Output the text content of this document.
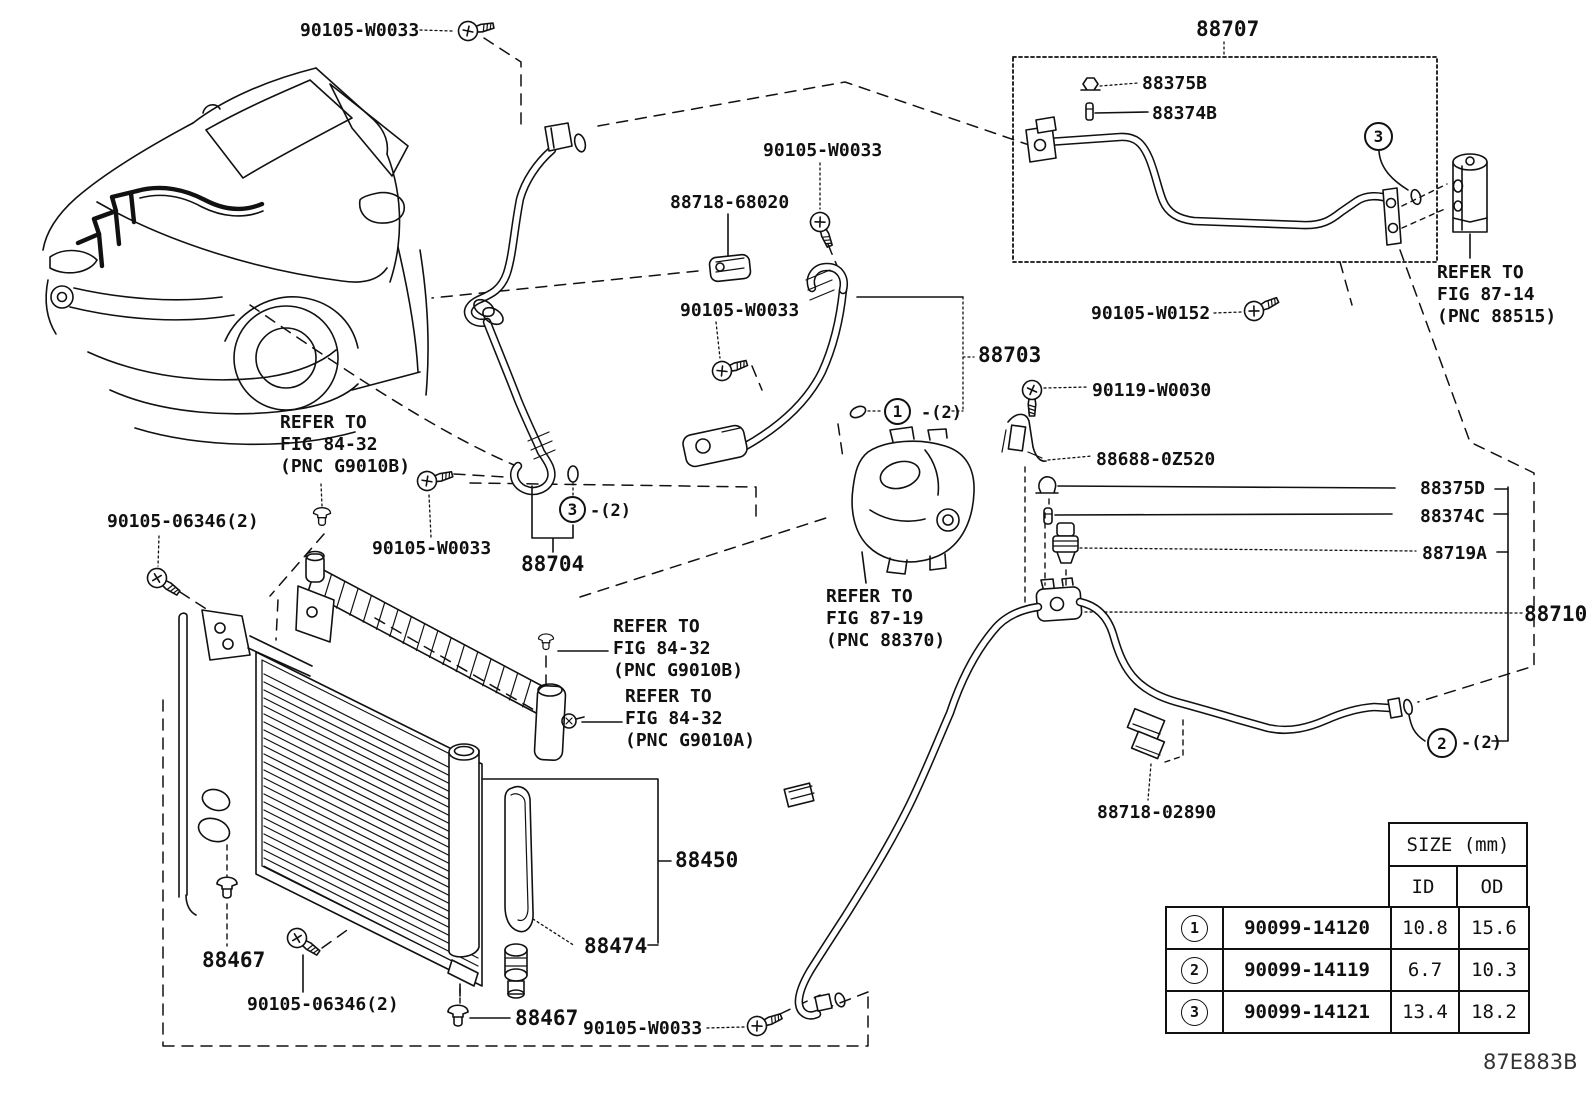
90105-W0033	88707
88375B
88374B
90105-W0152
90105-W0033
88718-68020
90105-W0033
88703
90119-W0030
88688-0Z520
88375D
88374C
88719A
88710
88704
88718-02890
88450
88474
88467
90105-06346(2)
90105-06346(2)
88467 90105-W0033
90105-W0033
REFER TO
FIG 84-32
(PNC G9010B)
REFER TO
FIG 84-32
(PNC G9010B)
REFER TO
FIG 84-32
(PNC G9010A)
REFER TO
FIG 87-19
(PNC 88370)
REFER TO
FIG 87-14
(PNC 88515)
1	-(2)
2 -(2)
3 -(2)
3
SIZE (mm)
ID	OD
1	90099-14120	10.8	15.6
2	90099-14119	6.7	10.3
3	90099-14121	13.4	18.2
87E883B
